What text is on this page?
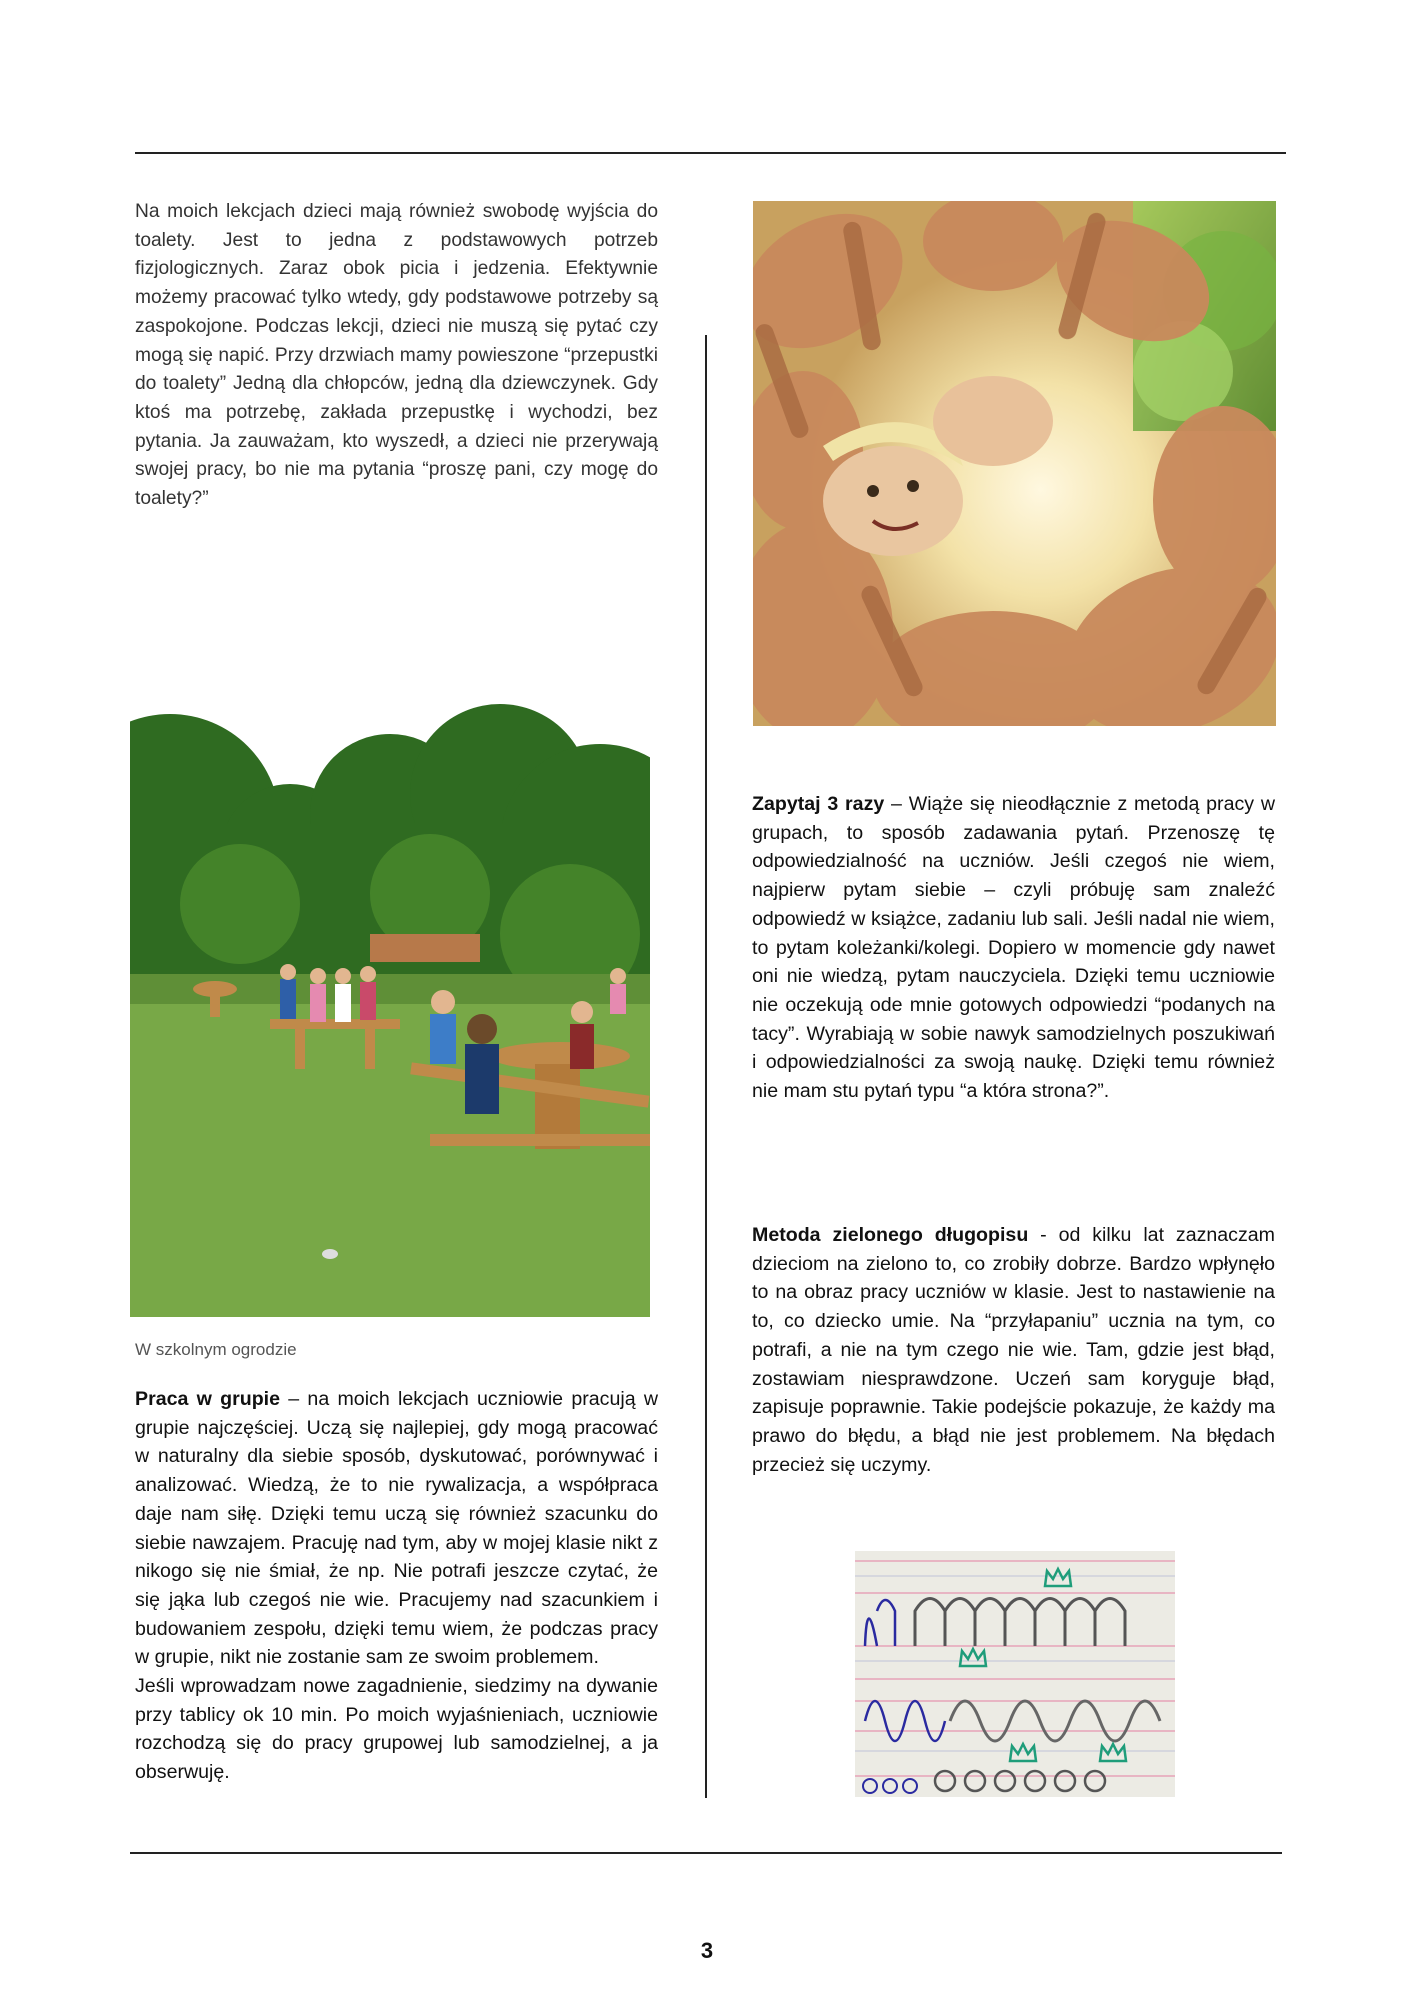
Na moich lekcjach dzieci mają również swobodę wyjścia do toalety. Jest to jedna z podstawowych potrzeb fizjologicznych. Zaraz obok picia i jedzenia. Efektywnie możemy pracować tylko wtedy, gdy podstawowe potrzeby są zaspokojone. Podczas lekcji, dzieci nie muszą się pytać czy mogą się napić. Przy drzwiach mamy powieszone “przepustki do toalety” Jedną dla chłopców, jedną dla dziewczynek. Gdy ktoś ma potrzebę, zakłada przepustkę i wychodzi, bez pytania. Ja zauważam, kto wyszedł, a dzieci nie przerywają swojej pracy, bo nie ma pytania “proszę pani, czy mogę do toalety?”
W szkolnym ogrodzie
Praca w grupie – na moich lekcjach uczniowie pracują w grupie najczęściej. Uczą się najlepiej, gdy mogą pracować w naturalny dla siebie sposób, dyskutować, porównywać i analizować. Wiedzą, że to nie rywalizacja, a współpraca daje nam siłę. Dzięki temu uczą się również szacunku do siebie nawzajem. Pracuję nad tym, aby w mojej klasie nikt z nikogo się nie śmiał, że np. Nie potrafi jeszcze czytać, że się jąka lub czegoś nie wie. Pracujemy nad szacunkiem i budowaniem zespołu, dzięki temu wiem, że podczas pracy w grupie, nikt nie zostanie sam ze swoim problemem.
Jeśli wprowadzam nowe zagadnienie, siedzimy na dywanie przy tablicy ok 10 min. Po moich wyjaśnieniach, uczniowie rozchodzą się do pracy grupowej lub samodzielnej, a ja obserwuję.
Zapytaj 3 razy – Wiąże się nieodłącznie z metodą pracy w grupach, to sposób zadawania pytań. Przenoszę tę odpowiedzialność na uczniów. Jeśli czegoś nie wiem, najpierw pytam siebie – czyli próbuję sam znaleźć odpowiedź w książce, zadaniu lub sali. Jeśli nadal nie wiem, to pytam koleżanki/kolegi. Dopiero w momencie gdy nawet oni nie wiedzą, pytam nauczyciela. Dzięki temu uczniowie nie oczekują ode mnie gotowych odpowiedzi “podanych na tacy”. Wyrabiają w sobie nawyk samodzielnych poszukiwań i odpowiedzialności za swoją naukę. Dzięki temu również nie mam stu pytań typu “a która strona?”.
Metoda zielonego długopisu - od kilku lat zaznaczam dzieciom na zielono to, co zrobiły dobrze. Bardzo wpłynęło to na obraz pracy uczniów w klasie. Jest to nastawienie na to, co dziecko umie. Na “przyłapaniu” ucznia na tym, co potrafi, a nie na tym czego nie wie. Tam, gdzie jest błąd, zostawiam niesprawdzone. Uczeń sam koryguje błąd, zapisuje poprawnie. Takie podejście pokazuje, że każdy ma prawo do błędu, a błąd nie jest problemem. Na błędach przecież się uczymy.
3
